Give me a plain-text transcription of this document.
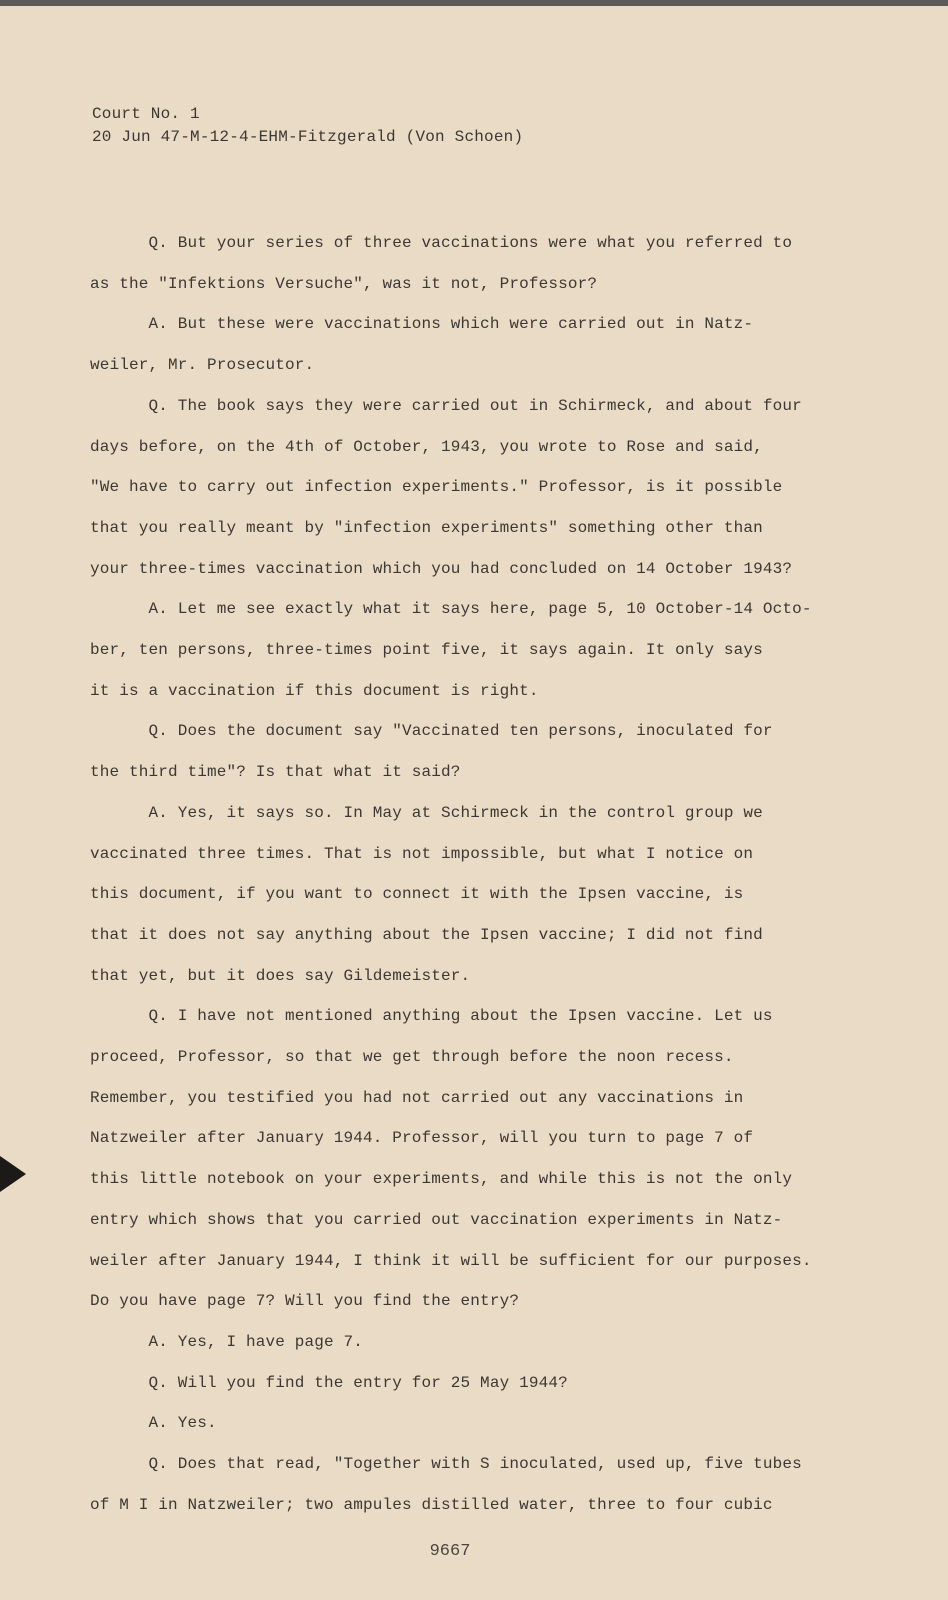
Court No. 1
20 Jun 47-M-12-4-EHM-Fitzgerald (Von Schoen)
Q. But your series of three vaccinations were what you referred to
as the "Infektions Versuche", was it not, Professor?
A. But these were vaccinations which were carried out in Natz-
weiler, Mr. Prosecutor.
Q. The book says they were carried out in Schirmeck, and about four
days before, on the 4th of October, 1943, you wrote to Rose and said,
"We have to carry out infection experiments." Professor, is it possible
that you really meant by "infection experiments" something other than
your three-times vaccination which you had concluded on 14 October 1943?
A. Let me see exactly what it says here, page 5, 10 October-14 Octo-
ber, ten persons, three-times point five, it says again. It only says
it is a vaccination if this document is right.
Q. Does the document say "Vaccinated ten persons, inoculated for
the third time"? Is that what it said?
A. Yes, it says so. In May at Schirmeck in the control group we
vaccinated three times. That is not impossible, but what I notice on
this document, if you want to connect it with the Ipsen vaccine, is
that it does not say anything about the Ipsen vaccine; I did not find
that yet, but it does say Gildemeister.
Q. I have not mentioned anything about the Ipsen vaccine. Let us
proceed, Professor, so that we get through before the noon recess.
Remember, you testified you had not carried out any vaccinations in
Natzweiler after January 1944. Professor, will you turn to page 7 of
this little notebook on your experiments, and while this is not the only
entry which shows that you carried out vaccination experiments in Natz-
weiler after January 1944, I think it will be sufficient for our purposes.
Do you have page 7? Will you find the entry?
A. Yes, I have page 7.
Q. Will you find the entry for 25 May 1944?
A. Yes.
Q. Does that read, "Together with S inoculated, used up, five tubes
of M I in Natzweiler; two ampules distilled water, three to four cubic
9667
